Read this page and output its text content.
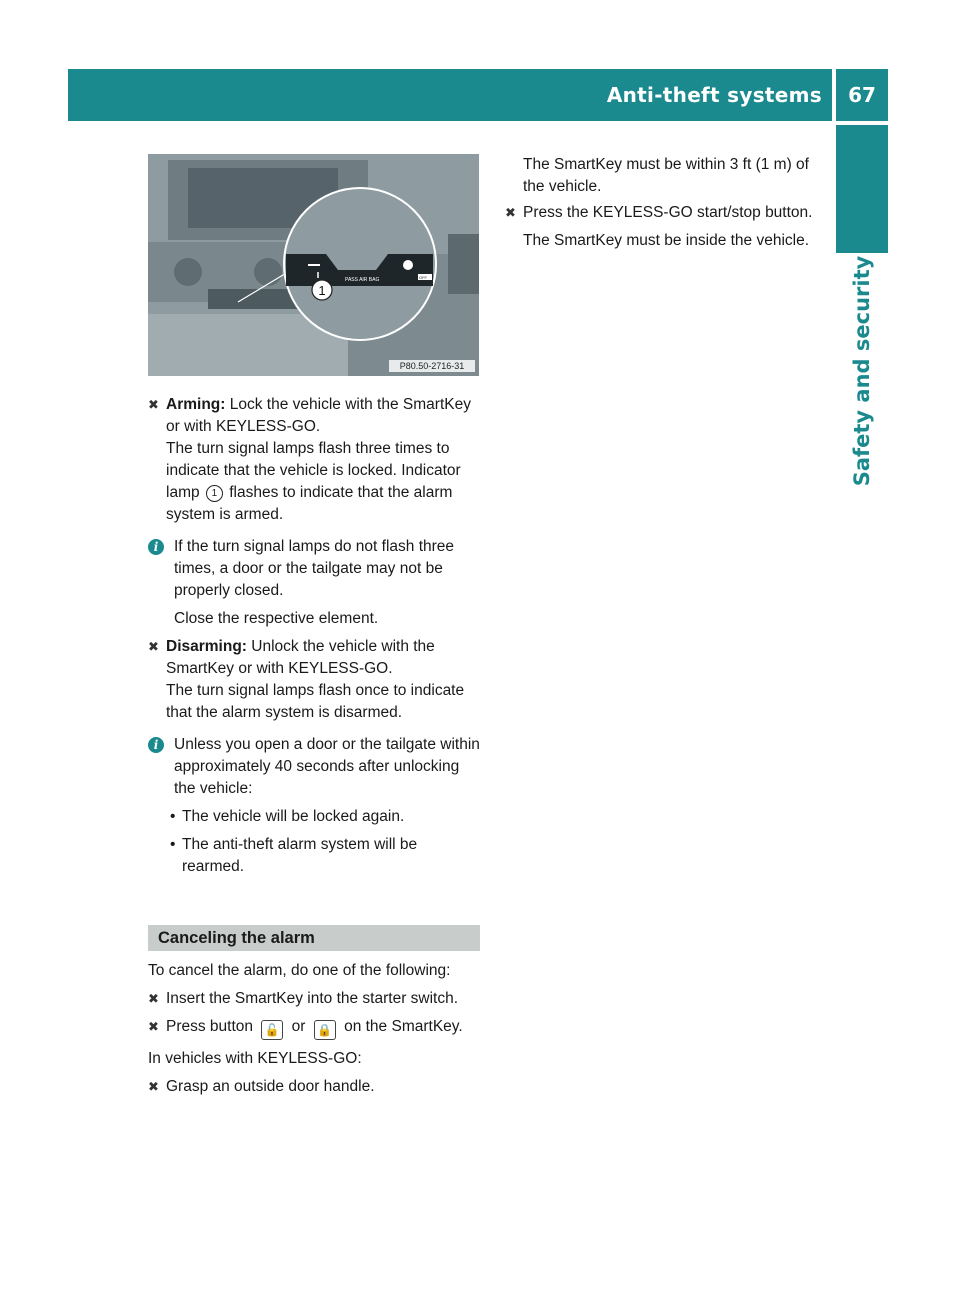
Anti-theft systems	67
Safety and security
PASS AIR BAG	OFF
1
P80.50-2716-31
✖ Arming: Lock the vehicle with the SmartKey or with KEYLESS-GO.
The turn signal lamps flash three times to indicate that the vehicle is locked. Indicator lamp 1 flashes to indicate that the alarm system is armed.
i	If the turn signal lamps do not flash three times, a door or the tailgate may not be properly closed.
Close the respective element.
✖ Disarming: Unlock the vehicle with the SmartKey or with KEYLESS-GO.
The turn signal lamps flash once to indicate that the alarm system is disarmed.
i	Unless you open a door or the tailgate within approximately 40 seconds after unlocking the vehicle:
• The vehicle will be locked again.
• The anti-theft alarm system will be rearmed.
Canceling the alarm
To cancel the alarm, do one of the following:
✖ Insert the SmartKey into the starter switch.
✖ Press button 🔓 or 🔒 on the SmartKey.
In vehicles with KEYLESS-GO:
✖ Grasp an outside door handle.
The SmartKey must be within 3 ft (1 m) of the vehicle.
✖ Press the KEYLESS-GO start/stop button.
The SmartKey must be inside the vehicle.
